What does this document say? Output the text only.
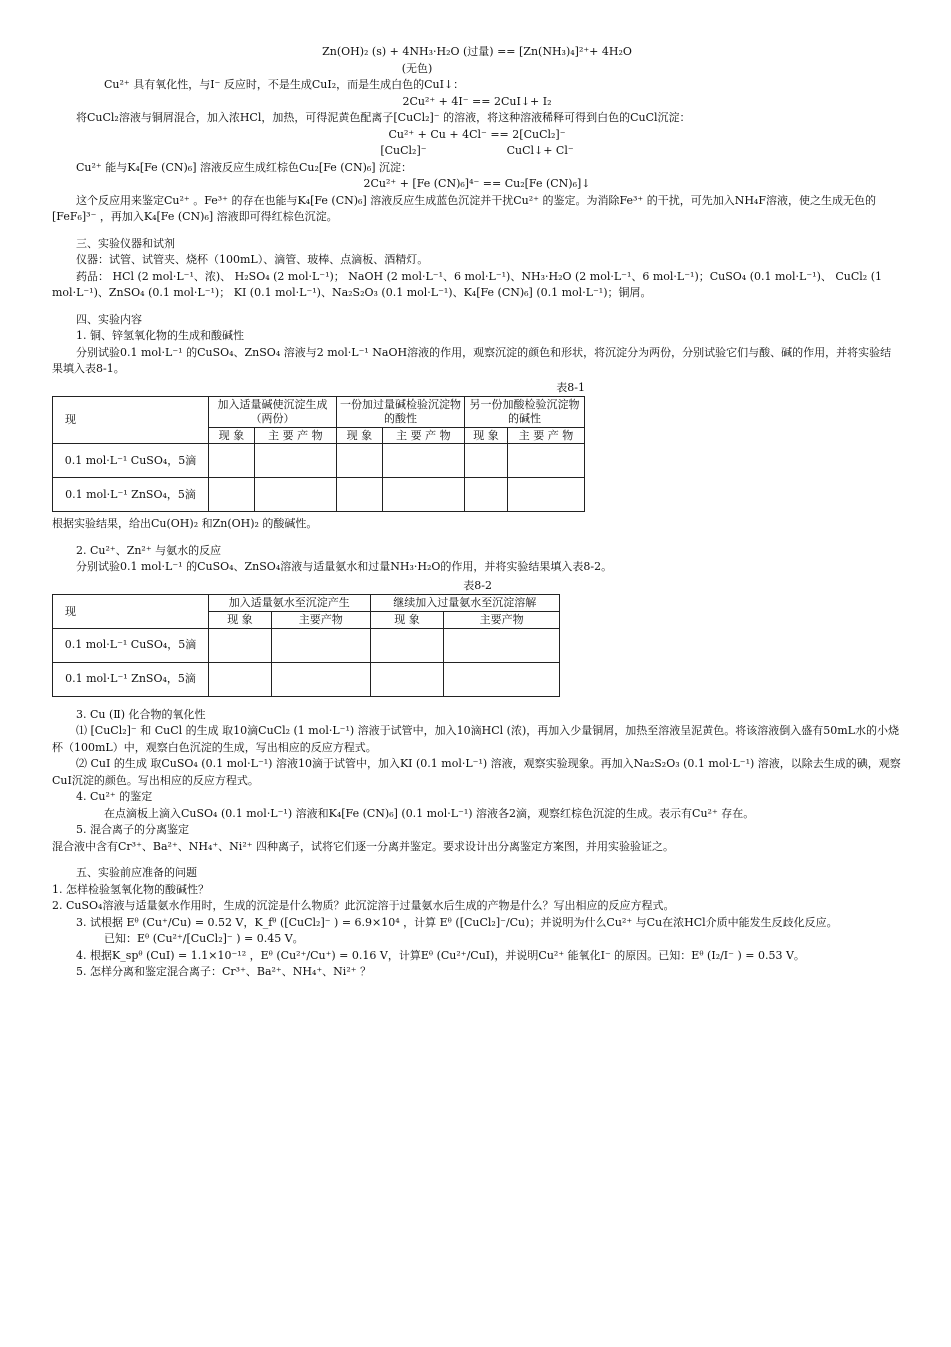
Zn(OH)₂ (s) + 4NH₃·H₂O (过量) == [Zn(NH₃)₄]²⁺+ 4H₂O

(无色)

Cu²⁺ 具有氧化性，与I⁻ 反应时，不是生成CuI₂，而是生成白色的CuI↓：

2Cu²⁺ + 4I⁻ == 2CuI↓+ I₂

将CuCl₂溶液与铜屑混合，加入浓HCl，加热，可得泥黄色配离子[CuCl₂]⁻ 的溶液，将这种溶液稀释可得到白色的CuCl沉淀：

Cu²⁺ + Cu + 4Cl⁻ == 2[CuCl₂]⁻
[CuCl₂]⁻	CuCl↓+ Cl⁻

Cu²⁺ 能与K₄[Fe (CN)₆] 溶液反应生成红棕色Cu₂[Fe (CN)₆] 沉淀：

2Cu²⁺ + [Fe (CN)₆]⁴⁻ == Cu₂[Fe (CN)₆]↓

这个反应用来鉴定Cu²⁺ 。Fe³⁺ 的存在也能与K₄[Fe (CN)₆] 溶液反应生成蓝色沉淀并干扰Cu²⁺ 的鉴定。为消除Fe³⁺ 的干扰，可先加入NH₄F溶液，使之生成无色的 [FeF₆]³⁻ ，再加入K₄[Fe (CN)₆] 溶液即可得红棕色沉淀。

三、实验仪器和试剂

仪器：试管、试管夹、烧杯（100mL）、滴管、玻棒、点滴板、酒精灯。

药品： HCl (2 mol·L⁻¹、浓)、 H₂SO₄ (2 mol·L⁻¹)； NaOH (2 mol·L⁻¹、6 mol·L⁻¹)、NH₃·H₂O (2 mol·L⁻¹、6 mol·L⁻¹)；CuSO₄ (0.1 mol·L⁻¹)、 CuCl₂ (1 mol·L⁻¹)、ZnSO₄ (0.1 mol·L⁻¹)； KI (0.1 mol·L⁻¹)、Na₂S₂O₃ (0.1 mol·L⁻¹)、K₄[Fe (CN)₆] (0.1 mol·L⁻¹)；铜屑。

四、实验内容

1. 铜、锌氢氧化物的生成和酸碱性

分别试验0.1 mol·L⁻¹ 的CuSO₄、ZnSO₄ 溶液与2 mol·L⁻¹ NaOH溶液的作用，观察沉淀的颜色和形状，将沉淀分为两份，分别试验它们与酸、碱的作用，并将实验结果填入表8-1。

表8-1
现	加入适量碱使沉淀生成（两份）		一份加过量碱检验沉淀物的酸性		另一份加酸检验沉淀物的碱性	
	现 象	主 要 产 物	现 象	主 要 产 物	现 象	主 要 产 物
0.1 mol·L⁻¹ CuSO₄，5滴						
0.1 mol·L⁻¹ ZnSO₄，5滴						

根据实验结果，给出Cu(OH)₂ 和Zn(OH)₂ 的酸碱性。

2. Cu²⁺、Zn²⁺ 与氨水的反应

分别试验0.1 mol·L⁻¹ 的CuSO₄、ZnSO₄溶液与适量氨水和过量NH₃·H₂O的作用，并将实验结果填入表8-2。

表8-2
现	加入适量氨水至沉淀产生		继续加入过量氨水至沉淀溶解	
	现 象	主要产物	现 象	主要产物
0.1 mol·L⁻¹ CuSO₄，5滴				
0.1 mol·L⁻¹ ZnSO₄，5滴				

3. Cu (Ⅱ) 化合物的氧化性

⑴ [CuCl₂]⁻ 和 CuCl 的生成 取10滴CuCl₂ (1 mol·L⁻¹) 溶液于试管中，加入10滴HCl (浓)，再加入少量铜屑，加热至溶液呈泥黄色。将该溶液倒入盛有50mL水的小烧杯（100mL）中，观察白色沉淀的生成，写出相应的反应方程式。

⑵ CuI 的生成 取CuSO₄ (0.1 mol·L⁻¹) 溶液10滴于试管中，加入KI (0.1 mol·L⁻¹) 溶液，观察实验现象。再加入Na₂S₂O₃ (0.1 mol·L⁻¹) 溶液，以除去生成的碘，观察CuI沉淀的颜色。写出相应的反应方程式。

4. Cu²⁺ 的鉴定

在点滴板上滴入CuSO₄ (0.1 mol·L⁻¹) 溶液和K₄[Fe (CN)₆] (0.1 mol·L⁻¹) 溶液各2滴，观察红棕色沉淀的生成。表示有Cu²⁺ 存在。

5. 混合离子的分离鉴定

混合液中含有Cr³⁺、Ba²⁺、NH₄⁺、Ni²⁺ 四种离子，试将它们逐一分离并鉴定。要求设计出分离鉴定方案图，并用实验验证之。

五、实验前应准备的问题

1. 怎样检验氢氧化物的酸碱性？

2. CuSO₄溶液与适量氨水作用时，生成的沉淀是什么物质？此沉淀溶于过量氨水后生成的产物是什么？写出相应的反应方程式。

3. 试根据 Eᶿ (Cu⁺/Cu) = 0.52 V，K_fᶿ ([CuCl₂]⁻ ) = 6.9×10⁴ ，计算 Eᶿ ([CuCl₂]⁻/Cu)；并说明为什么Cu²⁺ 与Cu在浓HCl介质中能发生反歧化反应。

已知：Eᶿ (Cu²⁺/[CuCl₂]⁻ ) = 0.45 V。

4. 根据K_spᶿ (CuI) = 1.1×10⁻¹² ，Eᶿ (Cu²⁺/Cu⁺) = 0.16 V，计算Eᶿ (Cu²⁺/CuI)，并说明Cu²⁺ 能氧化I⁻ 的原因。已知：Eᶿ (I₂/I⁻ ) = 0.53 V。

5. 怎样分离和鉴定混合离子：Cr³⁺、Ba²⁺、NH₄⁺、Ni²⁺ ？
